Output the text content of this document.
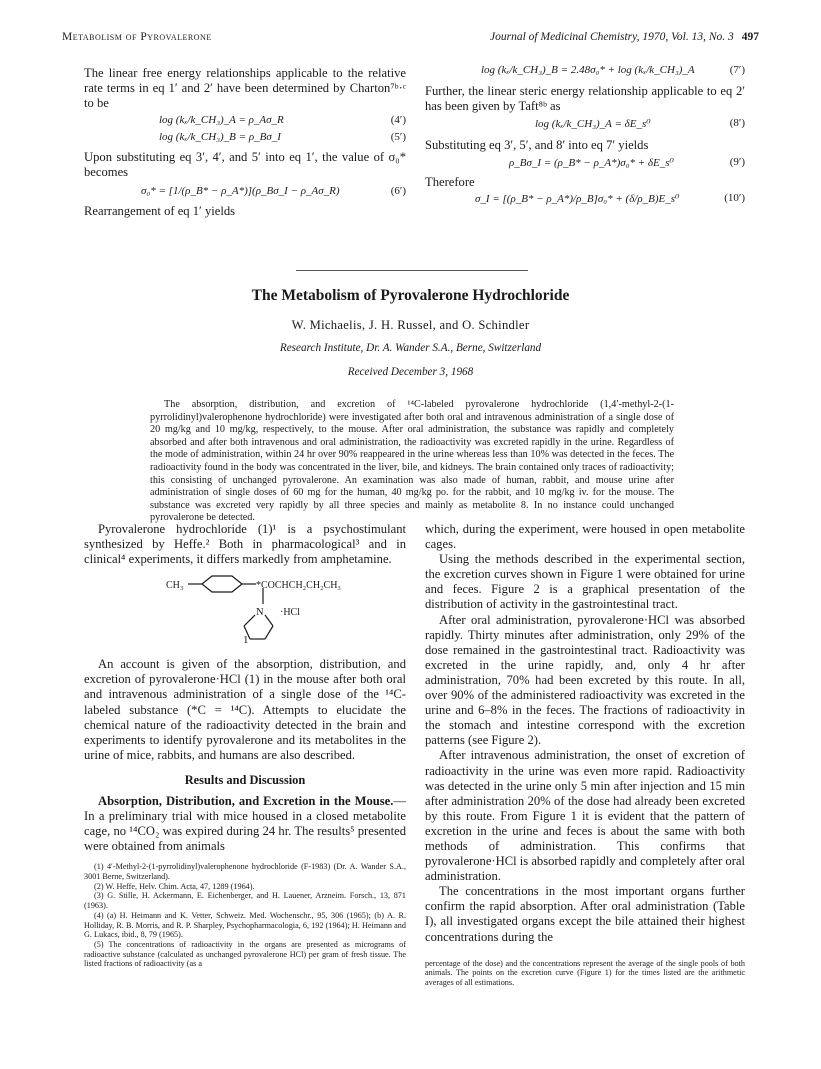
Metabolism of Pyrovalerone	Journal of Medicinal Chemistry, 1970, Vol. 13, No. 3 497

The linear free energy relationships applicable to the relative rate terms in eq 1′ and 2′ have been determined by Charton⁷ᵇ·ᶜ to be

log (kₓ/k_CH₃)_A = ρ_Aσ_R	(4′)
log (kₓ/k_CH₃)_B = ρ_Bσ_I	(5′)

Upon substituting eq 3′, 4′, and 5′ into eq 1′, the value of σ₀* becomes

σ₀* = [1/(ρ_B* − ρ_A*)](ρ_Bσ_I − ρ_Aσ_R)	(6′)

Rearrangement of eq 1′ yields

log (kₓ/k_CH₃)_B = 2.48σ₀* + log (kₓ/k_CH₃)_A	(7′)

Further, the linear steric energy relationship applicable to eq 2′ has been given by Taft⁸ᵇ as

log (kₓ/k_CH₃)_A = δE_s⁰	(8′)

Substituting eq 3′, 5′, and 8′ into eq 7′ yields

ρ_Bσ_I = (ρ_B* − ρ_A*)σ₀* + δE_s⁰	(9′)

Therefore

σ_I = [(ρ_B* − ρ_A*)/ρ_B]σ₀* + (δ/ρ_B)E_s⁰	(10′)
The Metabolism of Pyrovalerone Hydrochloride
W. Michaelis, J. H. Russel, and O. Schindler
Research Institute, Dr. A. Wander S.A., Berne, Switzerland
Received December 3, 1968

The absorption, distribution, and excretion of ¹⁴C-labeled pyrovalerone hydrochloride (1,4′-methyl-2-(1-pyrrolidinyl)valerophenone hydrochloride) were investigated after both oral and intravenous administration of a single dose of 20 mg/kg and 10 mg/kg, respectively, to the mouse. After oral administration, the substance was rapidly and completely absorbed and after both intravenous and oral administration, the radioactivity was excreted rapidly in the urine. Regardless of the mode of administration, within 24 hr over 90% reappeared in the urine whereas less than 10% was detected in the feces. The radioactivity found in the body was concentrated in the liver, bile, and kidneys. The brain contained only traces of radioactivity; this consisting of unchanged pyrovalerone. An examination was also made of human, rabbit, and mouse urine after administration of single doses of 60 mg for the human, 40 mg/kg po. for the rabbit, and 10 mg/kg iv. for the mouse. The substance was excreted very rapidly by all three species and mainly as metabolite 8. In no instance could unchanged pyrovalerone be detected.

Pyrovalerone hydrochloride (1)¹ is a psychostimulant synthesized by Heffe.² Both in pharmacological³ and in clinical⁴ experiments, it differs markedly from amphetamine.

CH₃	*COCHCH₂CH₂CH₃
N ·HCl
1

An account is given of the absorption, distribution, and excretion of pyrovalerone·HCl (1) in the mouse after both oral and intravenous administration of a single dose of the ¹⁴C-labeled substance (*C = ¹⁴C). Attempts to elucidate the chemical nature of the radioactivity detected in the brain and experiments to identify pyrovalerone and its metabolites in the urine of mice, rabbits, and humans are also described.

Results and Discussion

Absorption, Distribution, and Excretion in the Mouse.—In a preliminary trial with mice housed in a closed metabolite cage, no ¹⁴CO₂ was expired during 24 hr. The results⁵ presented were obtained from animals

(1) 4′-Methyl-2-(1-pyrrolidinyl)valerophenone hydrochloride (F-1983) (Dr. A. Wander S.A., 3001 Berne, Switzerland).
(2) W. Heffe, Helv. Chim. Acta, 47, 1289 (1964).
(3) G. Stille, H. Ackermann, E. Eichenberger, and H. Lauener, Arzneim. Forsch., 13, 871 (1963).
(4) (a) H. Heimann and K. Vetter, Schweiz. Med. Wochenschr., 95, 306 (1965); (b) A. R. Holliday, R. B. Morris, and R. P. Sharpley, Psychopharmacologia, 6, 192 (1964); H. Heimann and G. Lukacs, ibid., 8, 79 (1965).
(5) The concentrations of radioactivity in the organs are presented as micrograms of radioactive substance (calculated as unchanged pyrovalerone HCl) per gram of fresh tissue. The listed fractions of radioactivity (as a

which, during the experiment, were housed in open metabolite cages.

Using the methods described in the experimental section, the excretion curves shown in Figure 1 were obtained for urine and feces. Figure 2 is a graphical presentation of the distribution of activity in the gastrointestinal tract.

After oral administration, pyrovalerone·HCl was absorbed rapidly. Thirty minutes after administration, only 29% of the dose remained in the gastrointestinal tract. Radioactivity was excreted in the urine rapidly, and, only 4 hr after administration, 70% had been excreted by this route. In all, over 90% of the administered radioactivity was excreted in the urine and 6–8% in the feces. The fractions of radioactivity in the stomach and intestine correspond with the excretion patterns (see Figure 2).

After intravenous administration, the onset of excretion of radioactivity in the urine was even more rapid. Radioactivity was detected in the urine only 5 min after injection and 15 min after administration 20% of the dose had already been excreted by this route. From Figure 1 it is evident that the pattern of excretion in the urine and feces is about the same with both methods of administration. This confirms that pyrovalerone·HCl is absorbed rapidly and completely after oral administration.

The concentrations in the most important organs further confirm the rapid absorption. After oral administration (Table I), all investigated organs except the bile attained their highest concentrations during the

percentage of the dose) and the concentrations represent the average of the single pools of both animals. The points on the excretion curve (Figure 1) for the times listed are the arithmetic averages of all estimations.
